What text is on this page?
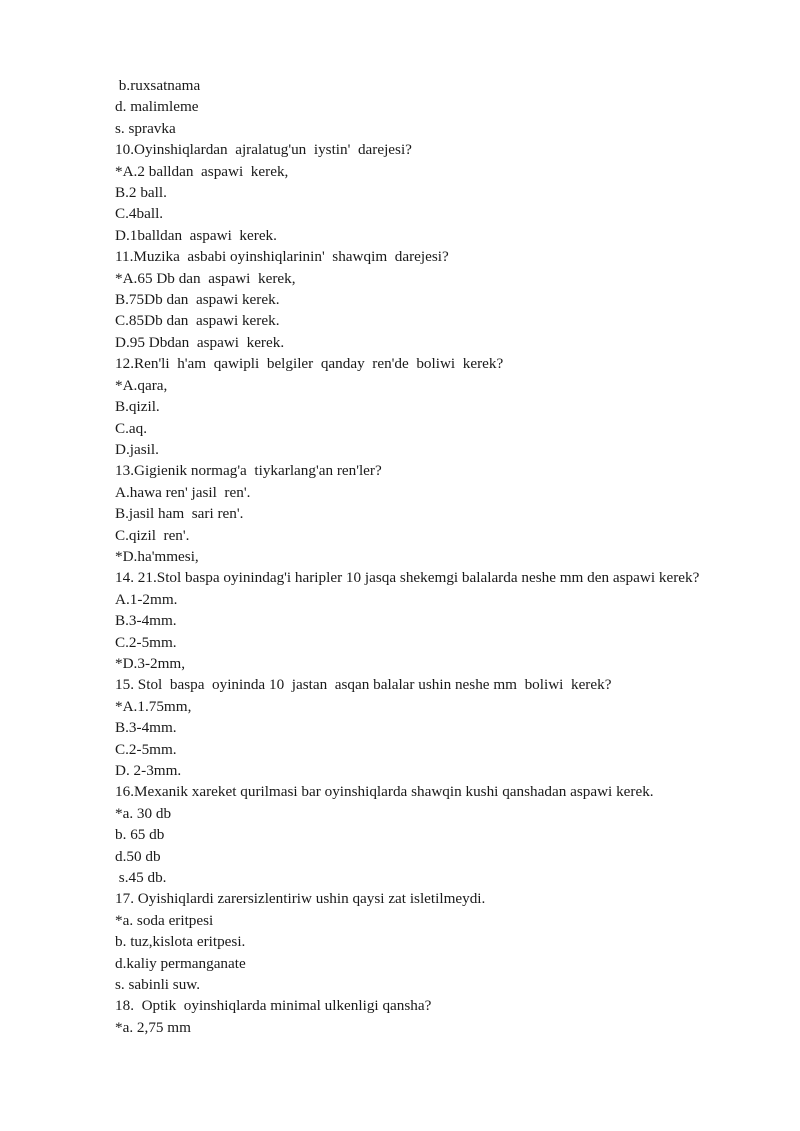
b.ruxsatnama

d. malimleme

s. spravka

10.Oyinshiqlardan  ajralatug'un  iystin'  darejesi?

*A.2 balldan  aspawi  kerek,

B.2 ball.

C.4ball.

D.1balldan  aspawi  kerek.

11.Muzika  asbabi oyinshiqlarinin'  shawqim  darejesi?

*A.65 Db dan  aspawi  kerek,

B.75Db dan  aspawi kerek.

C.85Db dan  aspawi kerek.

D.95 Dbdan  aspawi  kerek.

12.Ren'li  h'am  qawipli  belgiler  qanday  ren'de  boliwi  kerek?

*A.qara,

B.qizil.

C.aq.

D.jasil.

13.Gigienik normag'a  tiykarlang'an ren'ler?

A.hawa ren' jasil  ren'.

B.jasil ham  sari ren'.

C.qizil  ren'.

*D.ha'mmesi,

14. 21.Stol baspa oyinindag'i haripler 10 jasqa shekemgi balalarda neshe mm den aspawi kerek?

A.1-2mm.

B.3-4mm.

C.2-5mm.

*D.3-2mm,

15. Stol  baspa  oyininda 10  jastan  asqan balalar ushin neshe mm  boliwi  kerek?

*A.1.75mm,

B.3-4mm.

C.2-5mm.

D. 2-3mm.

16.Mexanik xareket qurilmasi bar oyinshiqlarda shawqin kushi qanshadan aspawi kerek.

*a. 30 db

b. 65 db

d.50 db

s.45 db.

17. Oyishiqlardi zarersizlentiriw ushin qaysi zat isletilmeydi.

*a. soda eritpesi

b. tuz,kislota eritpesi.

d.kaliy permanganate

s. sabinli suw.

18.  Optik  oyinshiqlarda minimal ulkenligi qansha?

*a. 2,75 mm
